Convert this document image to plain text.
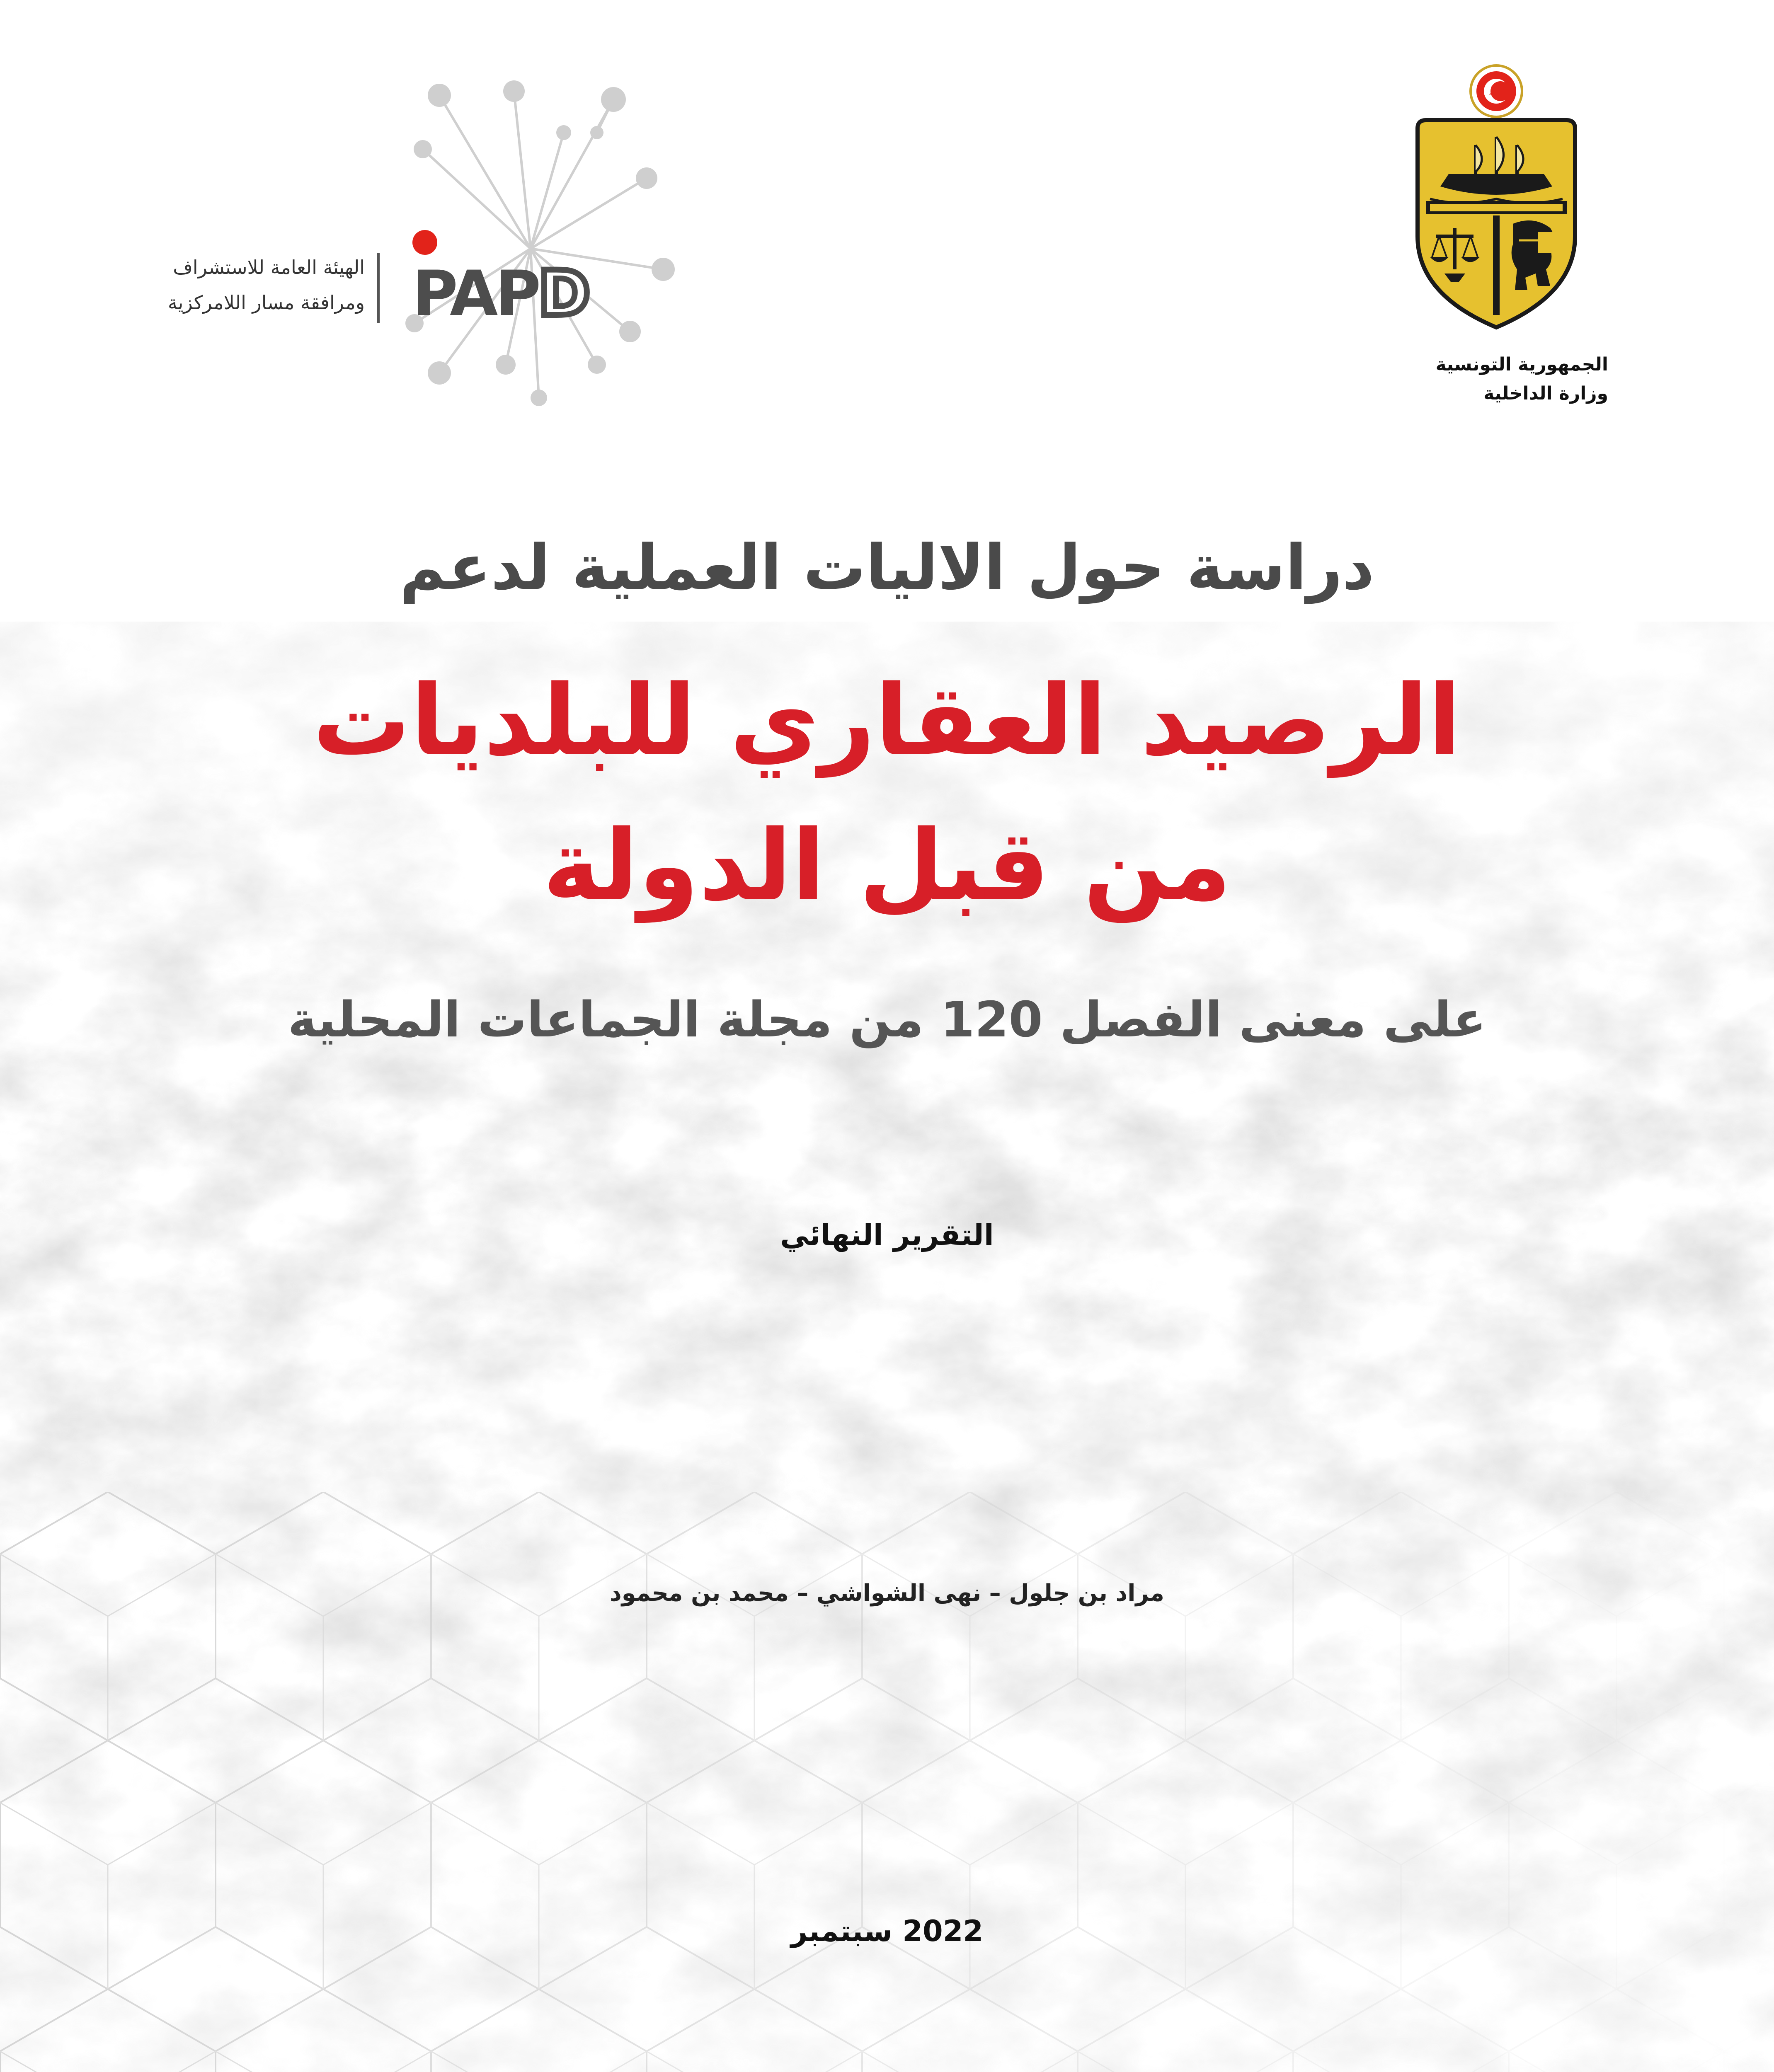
الجمهورية التونسية
وزارة الداخلية
PAPD
الهيئة العامة للاستشراف
ومرافقة مسار اللامركزية
دراسة حول الاليات العملية لدعم
الرصيد العقاري للبلديات
من قبل الدولة
على معنى الفصل 120 من مجلة الجماعات المحلية
التقرير النهائي
مراد بن جلول – نهى الشواشي – محمد بن محمود
2022 سبتمبر
